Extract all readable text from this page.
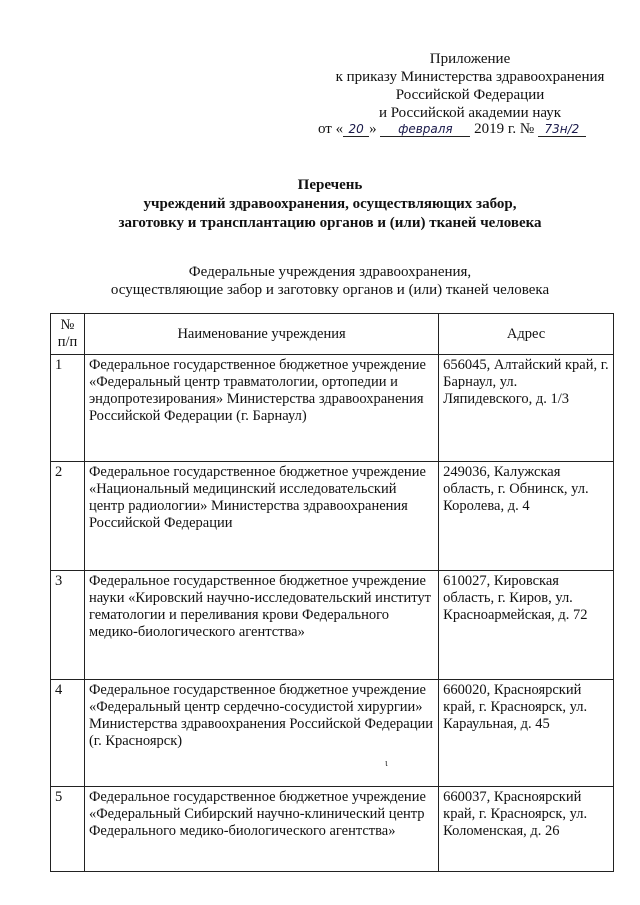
Приложение
к приказу Министерства здравоохранения
Российской Федерации
и Российской академии наук
от « 20 » февраля 2019 г. № 73н/2
Перечень
учреждений здравоохранения, осуществляющих забор,
заготовку и трансплантацию органов и (или) тканей человека
Федеральные учреждения здравоохранения,
осуществляющие забор и заготовку органов и (или) тканей человека
№
п/п	Наименование учреждения	Адрес
1	Федеральное государственное бюджетное учреждение «Федеральный центр травматологии, ортопедии и эндопротезирования» Министерства здравоохранения Российской Федерации (г. Барнаул)	656045, Алтайский край, г. Барнаул, ул. Ляпидевского, д. 1/3
2	Федеральное государственное бюджетное учреждение «Национальный медицинский исследовательский центр радиологии» Министерства здравоохранения Российской Федерации	249036, Калужская область, г. Обнинск, ул. Королева, д. 4
3	Федеральное государственное бюджетное учреждение науки «Кировский научно-исследовательский институт гематологии и переливания крови Федерального медико-биологического агентства»	610027, Кировская область, г. Киров, ул. Красноармейская, д. 72
4	Федеральное государственное бюджетное учреждение «Федеральный центр сердечно-сосудистой хирургии» Министерства здравоохранения Российской Федерации (г. Красноярск)	660020, Красноярский край, г. Красноярск, ул. Караульная, д. 45
5	Федеральное государственное бюджетное учреждение «Федеральный Сибирский научно-клинический центр Федерального медико-биологического агентства»	660037, Красноярский край, г. Красноярск, ул. Коломенская, д. 26
ι
